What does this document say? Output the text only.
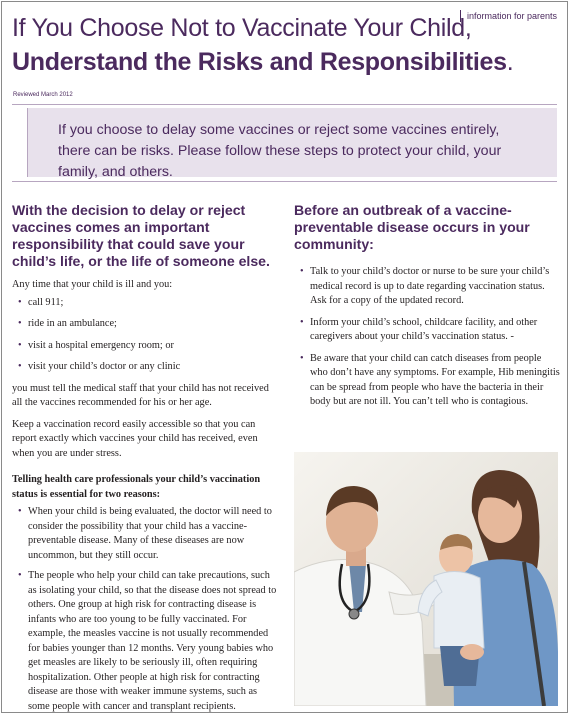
information for parents
If You Choose Not to Vaccinate Your Child,
Understand the Risks and Responsibilities.
Reviewed March 2012
If you choose to delay some vaccines or reject some vaccines entirely, there can be risks. Please follow these steps to protect your child, your family, and others.
With the decision to delay or reject vaccines comes an important responsibility that could save your child’s life, or the life of someone else.

Any time that your child is ill and you:

• call 911;
• ride in an ambulance;
• visit a hospital emergency room; or
• visit your child’s doctor or any clinic

you must tell the medical staff that your child has not received all the vaccines recommended for his or her age.

Keep a vaccination record easily accessible so that you can report exactly which vaccines your child has received, even when you are under stress.

Telling health care professionals your child’s vaccination status is essential for two reasons:

• When your child is being evaluated, the doctor will need to consider the possibility that your child has a vaccine-preventable disease. Many of these diseases are now uncommon, but they still occur.
• The people who help your child can take precautions, such as isolating your child, so that the disease does not spread to others. One group at high risk for contracting disease is infants who are too young to be fully vaccinated. For example, the measles vaccine is not usually recommended for babies younger than 12 months. Very young babies who get measles are likely to be seriously ill, often requiring hospitalization. Other people at high risk for contracting disease are those with weaker immune systems, such as some people with cancer and transplant recipients.
Before an outbreak of a vaccine-preventable disease occurs in your community:
• Talk to your child’s doctor or nurse to be sure your child’s medical record is up to date regarding vaccination status. Ask for a copy of the updated record.
• Inform your child’s school, childcare facility, and other caregivers about your child’s vaccination status. -
• Be aware that your child can catch diseases from people who don’t have any symptoms. For example, Hib meningitis can be spread from people who have the bacteria in their body but are not ill. You can’t tell who is contagious.
